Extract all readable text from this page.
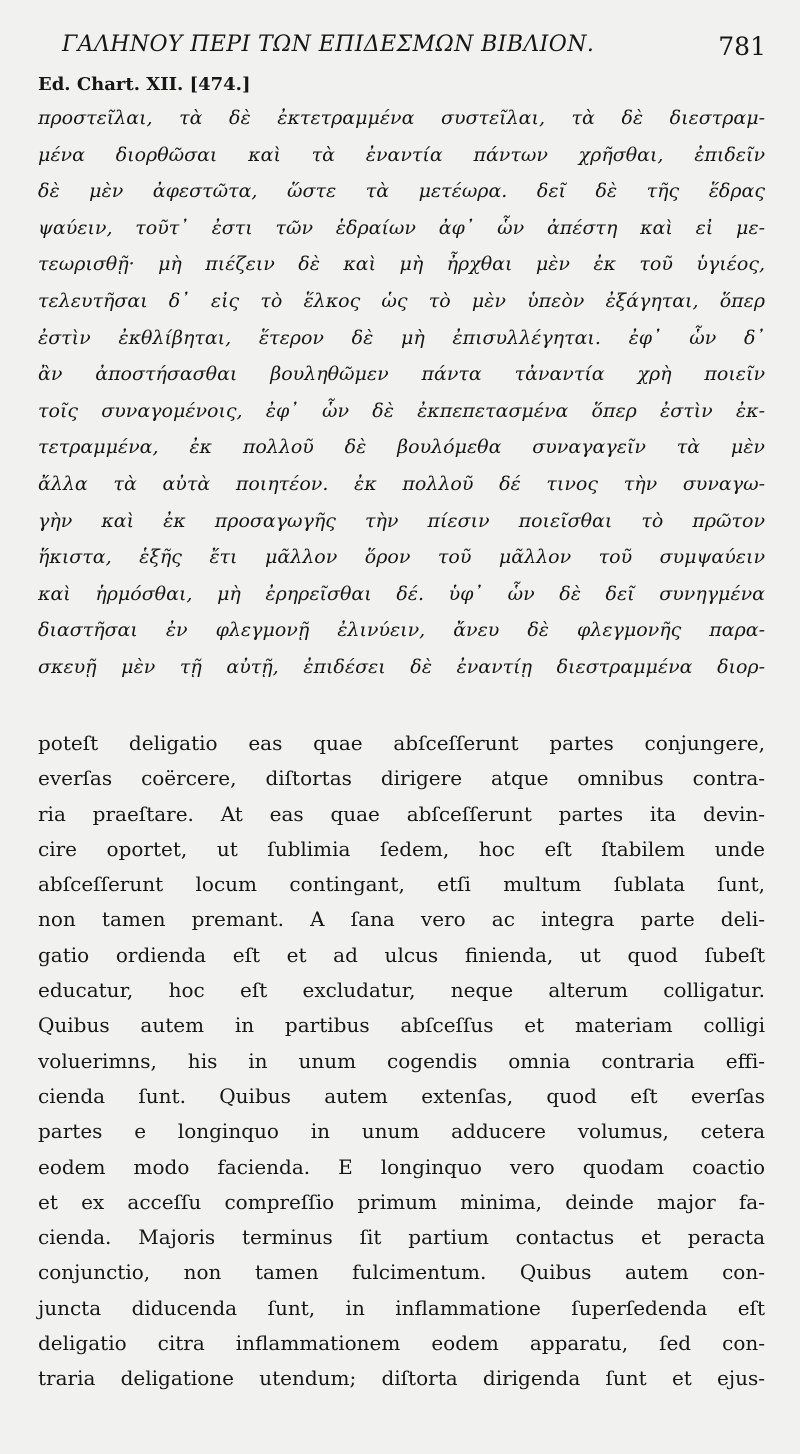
ΓΑΛΗΝΟΥ ΠΕΡΙ ΤΩΝ ΕΠΙΔΕΣΜΩΝ ΒΙΒΛΙΟΝ.	781
Ed. Chart. XII. [474.]
προστεῖλαι, τὰ δὲ ἐκτετραμμένα συστεῖλαι, τὰ δὲ διεστραμ-
μένα διορθῶσαι καὶ τὰ ἐναντία πάντων χρῆσθαι, ἐπιδεῖν
δὲ μὲν ἀφεστῶτα, ὥστε τὰ μετέωρα. δεῖ δὲ τῆς ἕδρας
ψαύειν, τοῦτ᾽ ἐστι τῶν ἑδραίων ἀφ᾽ ὧν ἀπέστη καὶ εἰ με-
τεωρισθῇ· μὴ πιέζειν δὲ καὶ μὴ ἦρχθαι μὲν ἐκ τοῦ ὑγιέος,
τελευτῆσαι δ᾽ εἰς τὸ ἕλκος ὡς τὸ μὲν ὑπεὸν ἐξάγηται, ὅπερ
ἐστὶν ἐκθλίβηται, ἕτερον δὲ μὴ ἐπισυλλέγηται. ἐφ᾽ ὧν δ᾽
ἂν ἀποστήσασθαι βουληθῶμεν πάντα τἀναντία χρὴ ποιεῖν
τοῖς συναγομένοις, ἐφ᾽ ὧν δὲ ἐκπεπετασμένα ὅπερ ἐστὶν ἐκ-
τετραμμένα, ἐκ πολλοῦ δὲ βουλόμεθα συναγαγεῖν τὰ μὲν
ἄλλα τὰ αὐτὰ ποιητέον. ἐκ πολλοῦ δέ τινος τὴν συναγω-
γὴν καὶ ἐκ προσαγωγῆς τὴν πίεσιν ποιεῖσθαι τὸ πρῶτον
ἥκιστα, ἑξῆς ἔτι μᾶλλον ὅρον τοῦ μᾶλλον τοῦ συμψαύειν
καὶ ἡρμόσθαι, μὴ ἐρηρεῖσθαι δέ. ὑφ᾽ ὧν δὲ δεῖ συνηγμένα
διαστῆσαι ἐν φλεγμονῇ ἐλινύειν, ἄνευ δὲ φλεγμονῆς παρα-
σκευῇ μὲν τῇ αὐτῇ, ἐπιδέσει δὲ ἐναντίῃ διεστραμμένα διορ-
poteſt deligatio eas quae abſceſſerunt partes conjungere,
everſas coërcere, diſtortas dirigere atque omnibus contra-
ria praeſtare. At eas quae abſceſſerunt partes ita devin-
cire oportet, ut ſublimia ſedem, hoc eſt ſtabilem unde
abſceſſerunt locum contingant, etſi multum ſublata ſunt,
non tamen premant. A ſana vero ac integra parte deli-
gatio ordienda eſt et ad ulcus finienda, ut quod ſubeſt
educatur, hoc eſt excludatur, neque alterum colligatur.
Quibus autem in partibus abſceſſus et materiam colligi
voluerimns, his in unum cogendis omnia contraria effi-
cienda ſunt. Quibus autem extenſas, quod eſt everſas
partes e longinquo in unum adducere volumus, cetera
eodem modo facienda. E longinquo vero quodam coactio
et ex acceſſu compreſſio primum minima, deinde major fa-
cienda. Majoris terminus ſit partium contactus et peracta
conjunctio, non tamen fulcimentum. Quibus autem con-
juncta diducenda ſunt, in inflammatione ſuperſedenda eſt
deligatio citra inflammationem eodem apparatu, ſed con-
traria deligatione utendum; diſtorta dirigenda ſunt et ejus-
